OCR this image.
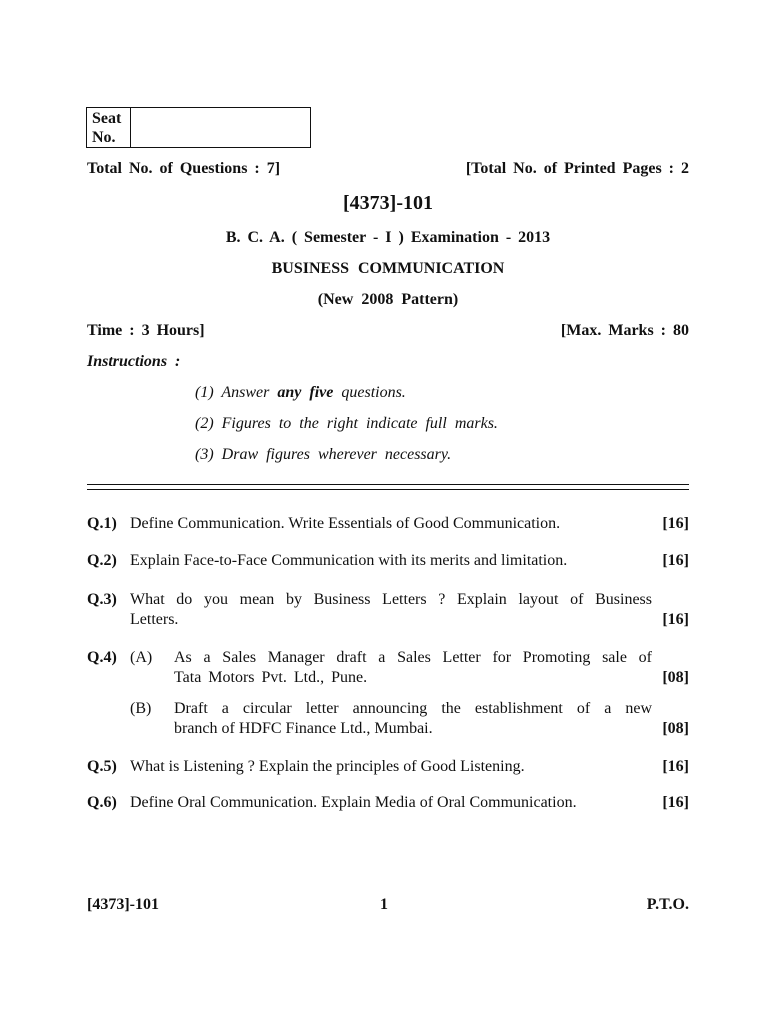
Seat
No.
Total No. of Questions : 7]	[Total No. of Printed Pages : 2
[4373]-101
B. C. A. ( Semester - I ) Examination - 2013
BUSINESS COMMUNICATION
(New 2008 Pattern)
Time : 3 Hours]	[Max. Marks : 80
Instructions :
(1) Answer any five questions.
(2) Figures to the right indicate full marks.
(3) Draw figures wherever necessary.
Q.1) Define Communication. Write Essentials of Good Communication.	[16]
Q.2) Explain Face-to-Face Communication with its merits and limitation.	[16]
Q.3) What do you mean by Business Letters ? Explain layout of Business
Letters.	[16]
Q.4) (A) As a Sales Manager draft a Sales Letter for Promoting sale of
Tata Motors Pvt. Ltd., Pune.	[08]
(B) Draft a circular letter announcing the establishment of a new
branch of HDFC Finance Ltd., Mumbai.	[08]
Q.5) What is Listening ? Explain the principles of Good Listening.	[16]
Q.6) Define Oral Communication. Explain Media of Oral Communication.	[16]
[4373]-101	1	P.T.O.
